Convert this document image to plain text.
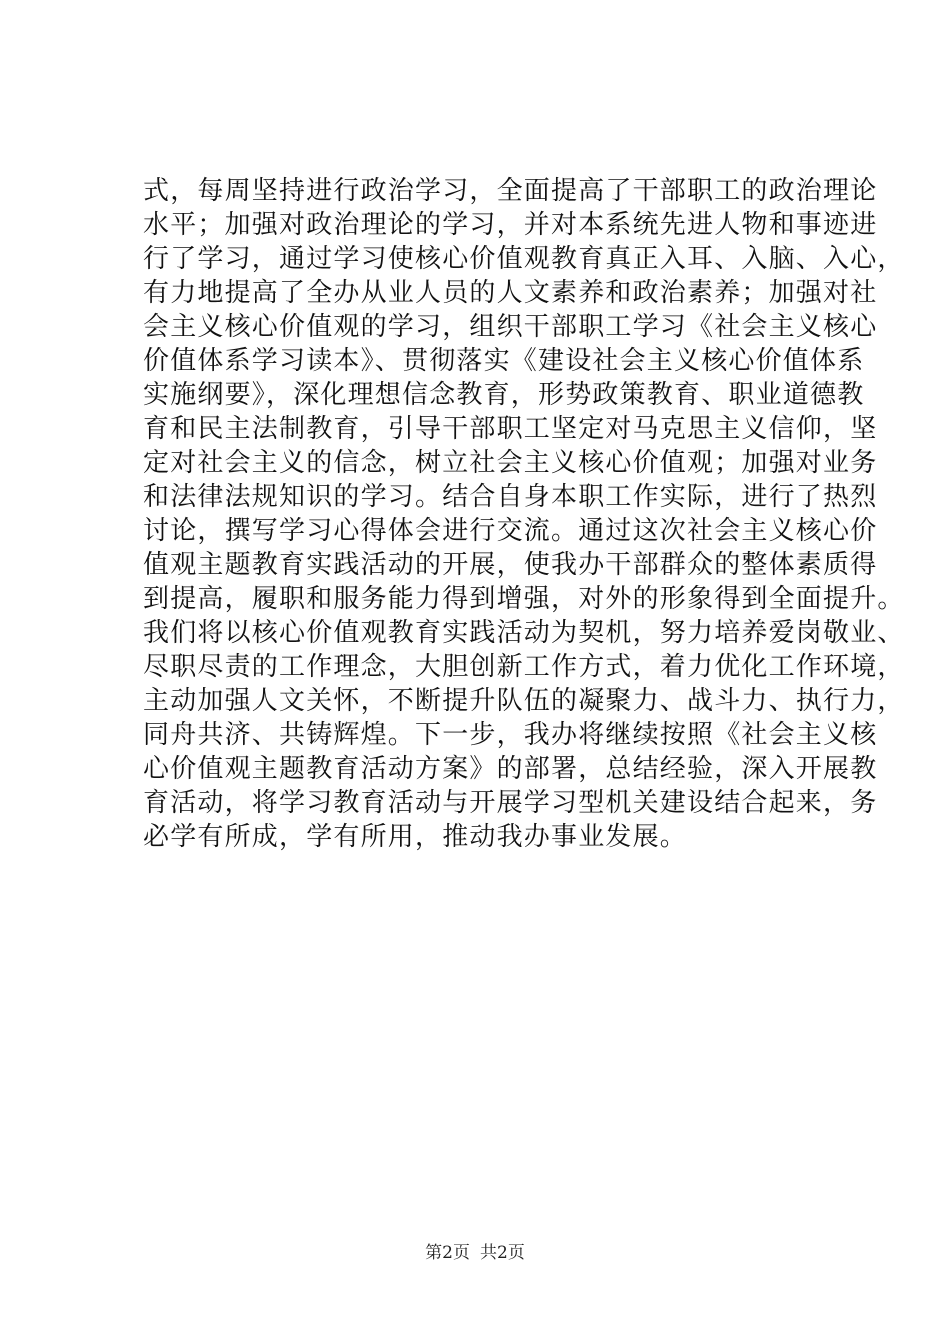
式，每周坚持进行政治学习，全面提高了干部职工的政治理论
水平；加强对政治理论的学习，并对本系统先进人物和事迹进
行了学习，通过学习使核心价值观教育真正入耳、入脑、入心，
有力地提高了全办从业人员的人文素养和政治素养；加强对社
会主义核心价值观的学习，组织干部职工学习《社会主义核心
价值体系学习读本》、贯彻落实《建设社会主义核心价值体系
实施纲要》，深化理想信念教育，形势政策教育、职业道德教
育和民主法制教育，引导干部职工坚定对马克思主义信仰，坚
定对社会主义的信念，树立社会主义核心价值观；加强对业务
和法律法规知识的学习。结合自身本职工作实际，进行了热烈
讨论，撰写学习心得体会进行交流。通过这次社会主义核心价
值观主题教育实践活动的开展，使我办干部群众的整体素质得
到提高，履职和服务能力得到增强，对外的形象得到全面提升。
我们将以核心价值观教育实践活动为契机，努力培养爱岗敬业、
尽职尽责的工作理念，大胆创新工作方式，着力优化工作环境，
主动加强人文关怀，不断提升队伍的凝聚力、战斗力、执行力，
同舟共济、共铸辉煌。下一步，我办将继续按照《社会主义核
心价值观主题教育活动方案》的部署，总结经验，深入开展教
育活动，将学习教育活动与开展学习型机关建设结合起来，务
必学有所成，学有所用，推动我办事业发展。
第2页 共2页
